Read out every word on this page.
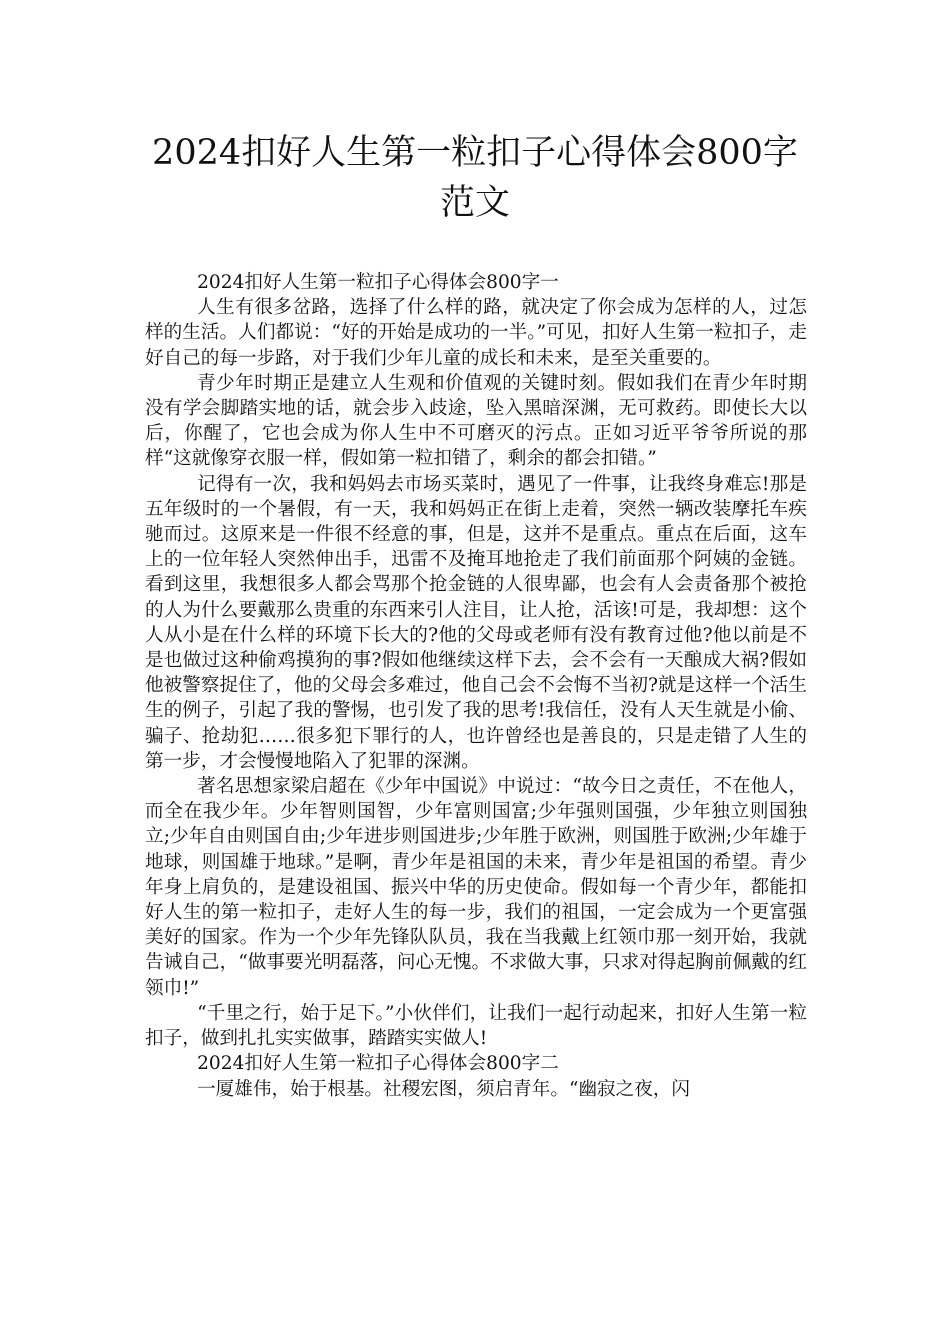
2024扣好人生第一粒扣子心得体会800字
范文

2024扣好人生第一粒扣子心得体会800字一

人生有很多岔路，选择了什么样的路，就决定了你会成为怎样的人，过怎样的生活。人们都说：“好的开始是成功的一半。”可见，扣好人生第一粒扣子，走好自己的每一步路，对于我们少年儿童的成长和未来，是至关重要的。

青少年时期正是建立人生观和价值观的关键时刻。假如我们在青少年时期没有学会脚踏实地的话，就会步入歧途，坠入黑暗深渊，无可救药。即使长大以后，你醒了，它也会成为你人生中不可磨灭的污点。正如习近平爷爷所说的那样“这就像穿衣服一样，假如第一粒扣错了，剩余的都会扣错。”

记得有一次，我和妈妈去市场买菜时，遇见了一件事，让我终身难忘!那是五年级时的一个暑假，有一天，我和妈妈正在街上走着，突然一辆改装摩托车疾驰而过。这原来是一件很不经意的事，但是，这并不是重点。重点在后面，这车上的一位年轻人突然伸出手，迅雷不及掩耳地抢走了我们前面那个阿姨的金链。看到这里，我想很多人都会骂那个抢金链的人很卑鄙，也会有人会责备那个被抢的人为什么要戴那么贵重的东西来引人注目，让人抢，活该!可是，我却想：这个人从小是在什么样的环境下长大的?他的父母或老师有没有教育过他?他以前是不是也做过这种偷鸡摸狗的事?假如他继续这样下去，会不会有一天酿成大祸?假如他被警察捉住了，他的父母会多难过，他自己会不会悔不当初?就是这样一个活生生的例子，引起了我的警惕，也引发了我的思考!我信任，没有人天生就是小偷、骗子、抢劫犯……很多犯下罪行的人，也许曾经也是善良的，只是走错了人生的第一步，才会慢慢地陷入了犯罪的深渊。

著名思想家梁启超在《少年中国说》中说过：“故今日之责任，不在他人，而全在我少年。少年智则国智，少年富则国富;少年强则国强，少年独立则国独立;少年自由则国自由;少年进步则国进步;少年胜于欧洲，则国胜于欧洲;少年雄于地球，则国雄于地球。”是啊，青少年是祖国的未来，青少年是祖国的希望。青少年身上肩负的，是建设祖国、振兴中华的历史使命。假如每一个青少年，都能扣好人生的第一粒扣子，走好人生的每一步，我们的祖国，一定会成为一个更富强美好的国家。作为一个少年先锋队队员，我在当我戴上红领巾那一刻开始，我就告诫自己，“做事要光明磊落，问心无愧。不求做大事，只求对得起胸前佩戴的红领巾!”

“千里之行，始于足下。”小伙伴们，让我们一起行动起来，扣好人生第一粒扣子，做到扎扎实实做事，踏踏实实做人!

2024扣好人生第一粒扣子心得体会800字二

一厦雄伟，始于根基。社稷宏图，须启青年。“幽寂之夜，闪
